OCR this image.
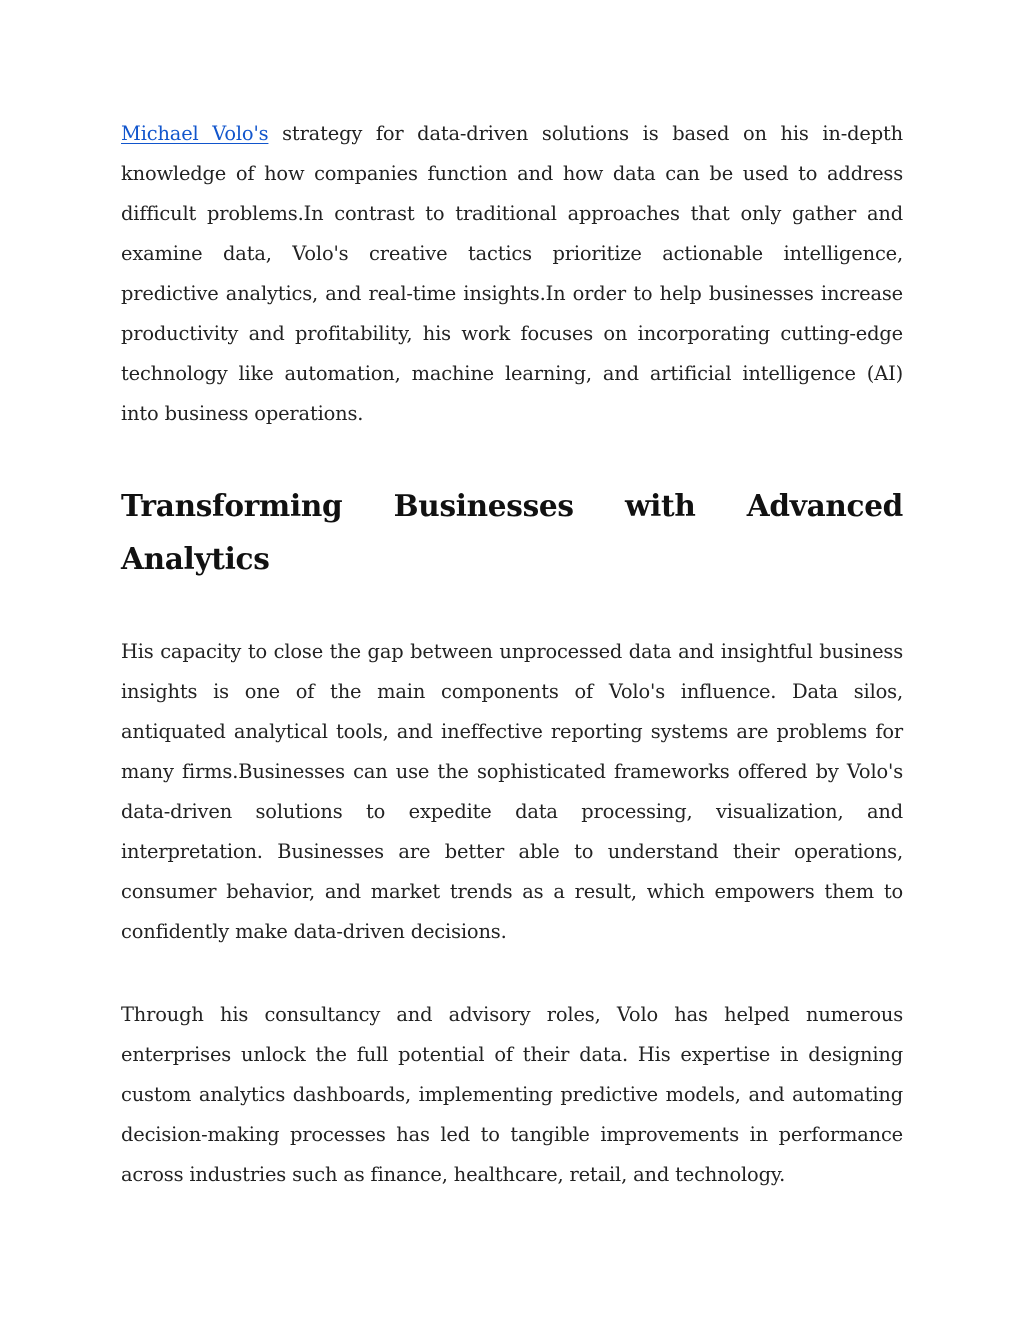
Michael Volo's strategy for data-driven solutions is based on his in-depth knowledge of how companies function and how data can be used to address difficult problems.In contrast to traditional approaches that only gather and examine data, Volo's creative tactics prioritize actionable intelligence, predictive analytics, and real-time insights.In order to help businesses increase productivity and profitability, his work focuses on incorporating cutting-edge technology like automation, machine learning, and artificial intelligence (AI) into business operations.

Transforming Businesses with Advanced Analytics

His capacity to close the gap between unprocessed data and insightful business insights is one of the main components of Volo's influence. Data silos, antiquated analytical tools, and ineffective reporting systems are problems for many firms.Businesses can use the sophisticated frameworks offered by Volo's data-driven solutions to expedite data processing, visualization, and interpretation. Businesses are better able to understand their operations, consumer behavior, and market trends as a result, which empowers them to confidently make data-driven decisions.

Through his consultancy and advisory roles, Volo has helped numerous enterprises unlock the full potential of their data. His expertise in designing custom analytics dashboards, implementing predictive models, and automating decision-making processes has led to tangible improvements in performance across industries such as finance, healthcare, retail, and technology.
